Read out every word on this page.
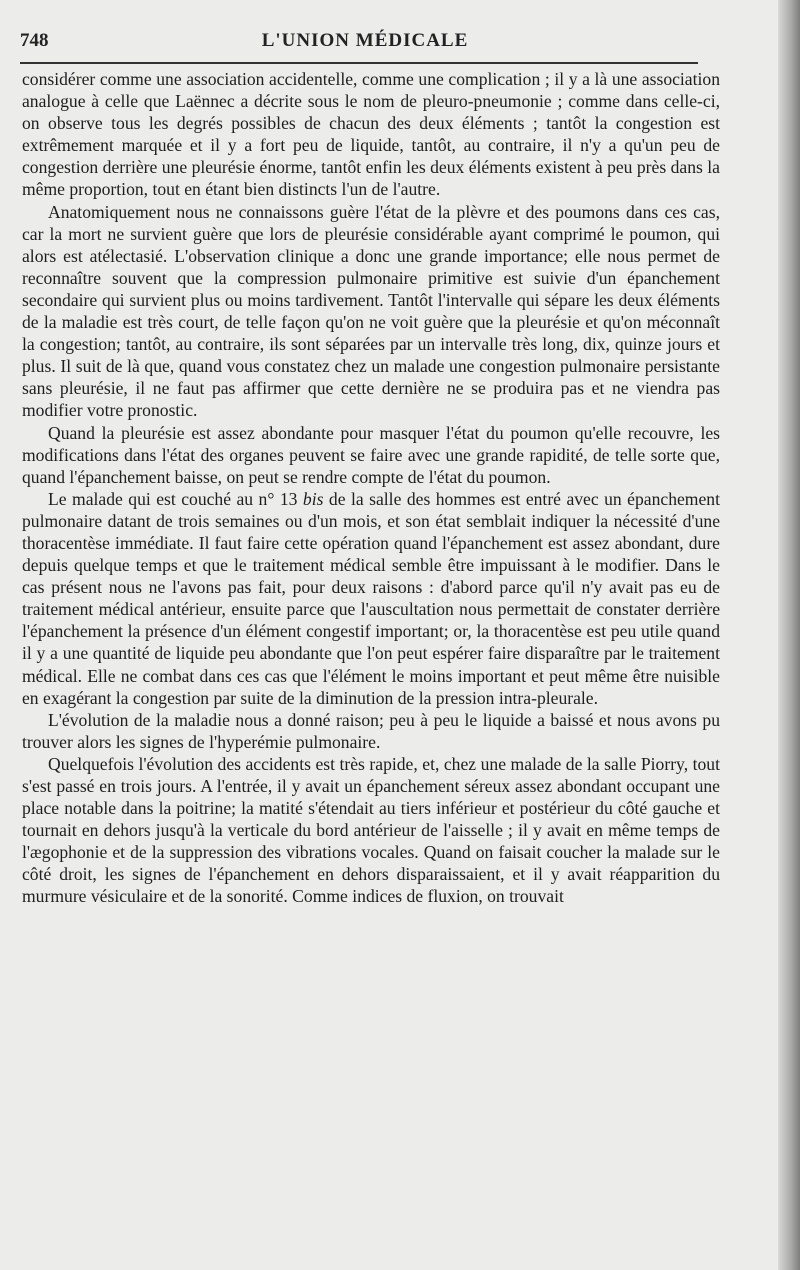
748	L'UNION MÉDICALE

considérer comme une association accidentelle, comme une complication ; il y a là une association analogue à celle que Laënnec a décrite sous le nom de pleuro-pneumonie ; comme dans celle-ci, on observe tous les degrés possibles de chacun des deux éléments ; tantôt la congestion est extrêmement marquée et il y a fort peu de liquide, tantôt, au contraire, il n'y a qu'un peu de congestion derrière une pleurésie énorme, tantôt enfin les deux éléments existent à peu près dans la même proportion, tout en étant bien distincts l'un de l'autre.

Anatomiquement nous ne connaissons guère l'état de la plèvre et des poumons dans ces cas, car la mort ne survient guère que lors de pleurésie considérable ayant comprimé le poumon, qui alors est atélectasié. L'observation clinique a donc une grande importance; elle nous permet de reconnaître souvent que la compression pulmonaire primitive est suivie d'un épanchement secondaire qui survient plus ou moins tardivement. Tantôt l'intervalle qui sépare les deux éléments de la maladie est très court, de telle façon qu'on ne voit guère que la pleurésie et qu'on méconnaît la congestion; tantôt, au contraire, ils sont séparées par un intervalle très long, dix, quinze jours et plus. Il suit de là que, quand vous constatez chez un malade une congestion pulmonaire persistante sans pleurésie, il ne faut pas affirmer que cette dernière ne se produira pas et ne viendra pas modifier votre pronostic.

Quand la pleurésie est assez abondante pour masquer l'état du poumon qu'elle recouvre, les modifications dans l'état des organes peuvent se faire avec une grande rapidité, de telle sorte que, quand l'épanchement baisse, on peut se rendre compte de l'état du poumon.

Le malade qui est couché au n° 13 bis de la salle des hommes est entré avec un épanchement pulmonaire datant de trois semaines ou d'un mois, et son état semblait indiquer la nécessité d'une thoracentèse immédiate. Il faut faire cette opération quand l'épanchement est assez abondant, dure depuis quelque temps et que le traitement médical semble être impuissant à le modifier. Dans le cas présent nous ne l'avons pas fait, pour deux raisons : d'abord parce qu'il n'y avait pas eu de traitement médical antérieur, ensuite parce que l'auscultation nous permettait de constater derrière l'épanchement la présence d'un élément congestif important; or, la thoracentèse est peu utile quand il y a une quantité de liquide peu abondante que l'on peut espérer faire disparaître par le traitement médical. Elle ne combat dans ces cas que l'élément le moins important et peut même être nuisible en exagérant la congestion par suite de la diminution de la pression intra-pleurale.

L'évolution de la maladie nous a donné raison; peu à peu le liquide a baissé et nous avons pu trouver alors les signes de l'hyperémie pulmonaire.

Quelquefois l'évolution des accidents est très rapide, et, chez une malade de la salle Piorry, tout s'est passé en trois jours. A l'entrée, il y avait un épanchement séreux assez abondant occupant une place notable dans la poitrine; la matité s'étendait au tiers inférieur et postérieur du côté gauche et tournait en dehors jusqu'à la verticale du bord antérieur de l'aisselle ; il y avait en même temps de l'ægophonie et de la suppression des vibrations vocales. Quand on faisait coucher la malade sur le côté droit, les signes de l'épanchement en dehors disparaissaient, et il y avait réapparition du murmure vésiculaire et de la sonorité. Comme indices de fluxion, on trouvait
